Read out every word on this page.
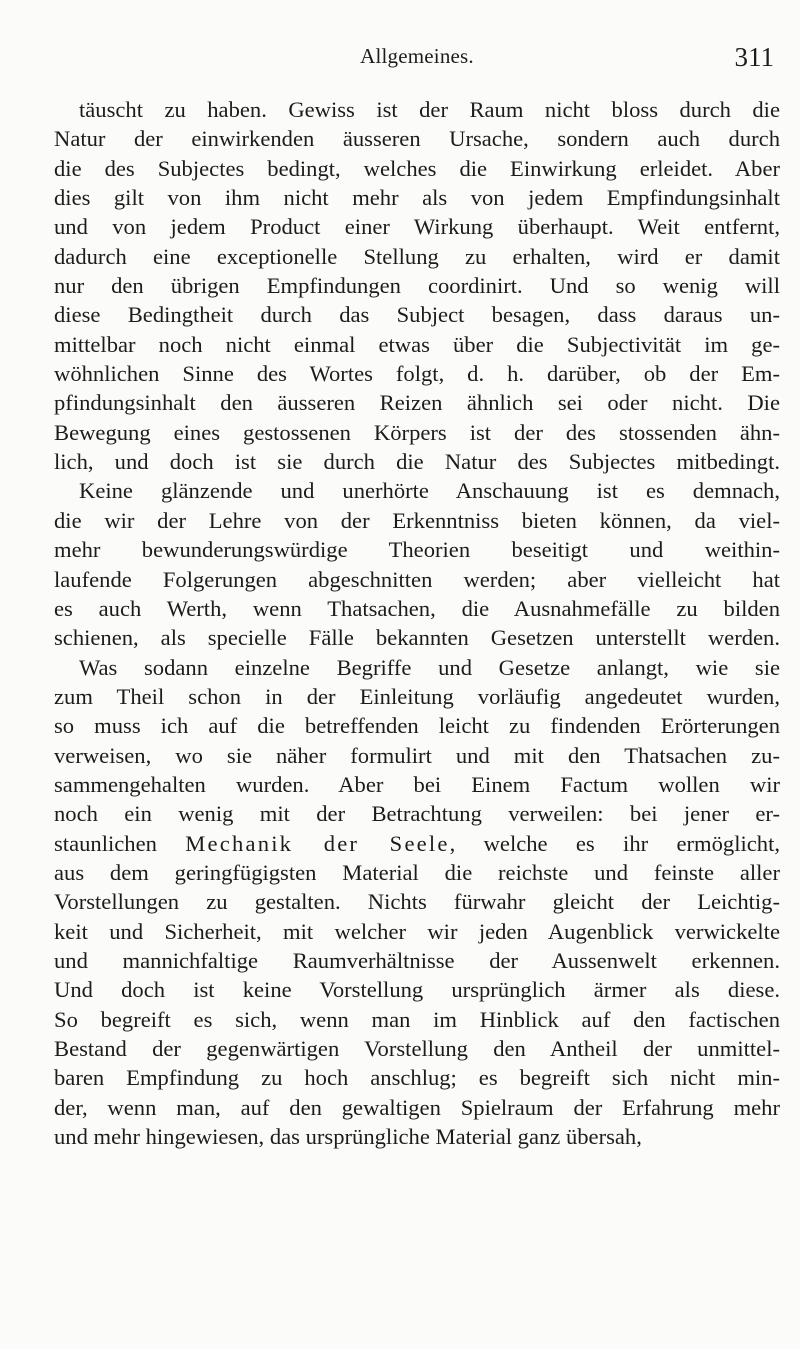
Allgemeines.	311
täuscht zu haben. Gewiss ist der Raum nicht bloss durch die
Natur der einwirkenden äusseren Ursache, sondern auch durch
die des Subjectes bedingt, welches die Einwirkung erleidet. Aber
dies gilt von ihm nicht mehr als von jedem Empfindungsinhalt
und von jedem Product einer Wirkung überhaupt. Weit entfernt,
dadurch eine exceptionelle Stellung zu erhalten, wird er damit
nur den übrigen Empfindungen coordinirt. Und so wenig will
diese Bedingtheit durch das Subject besagen, dass daraus un-
mittelbar noch nicht einmal etwas über die Subjectivität im ge-
wöhnlichen Sinne des Wortes folgt, d. h. darüber, ob der Em-
pfindungsinhalt den äusseren Reizen ähnlich sei oder nicht. Die
Bewegung eines gestossenen Körpers ist der des stossenden ähn-
lich, und doch ist sie durch die Natur des Subjectes mitbedingt.
Keine glänzende und unerhörte Anschauung ist es demnach,
die wir der Lehre von der Erkenntniss bieten können, da viel-
mehr bewunderungswürdige Theorien beseitigt und weithin-
laufende Folgerungen abgeschnitten werden; aber vielleicht hat
es auch Werth, wenn Thatsachen, die Ausnahmefälle zu bilden
schienen, als specielle Fälle bekannten Gesetzen unterstellt werden.
Was sodann einzelne Begriffe und Gesetze anlangt, wie sie
zum Theil schon in der Einleitung vorläufig angedeutet wurden,
so muss ich auf die betreffenden leicht zu findenden Erörterungen
verweisen, wo sie näher formulirt und mit den Thatsachen zu-
sammengehalten wurden. Aber bei Einem Factum wollen wir
noch ein wenig mit der Betrachtung verweilen: bei jener er-
staunlichen Mechanik der Seele, welche es ihr ermöglicht,
aus dem geringfügigsten Material die reichste und feinste aller
Vorstellungen zu gestalten. Nichts fürwahr gleicht der Leichtig-
keit und Sicherheit, mit welcher wir jeden Augenblick verwickelte
und mannichfaltige Raumverhältnisse der Aussenwelt erkennen.
Und doch ist keine Vorstellung ursprünglich ärmer als diese.
So begreift es sich, wenn man im Hinblick auf den factischen
Bestand der gegenwärtigen Vorstellung den Antheil der unmittel-
baren Empfindung zu hoch anschlug; es begreift sich nicht min-
der, wenn man, auf den gewaltigen Spielraum der Erfahrung mehr
und mehr hingewiesen, das ursprüngliche Material ganz übersah,
